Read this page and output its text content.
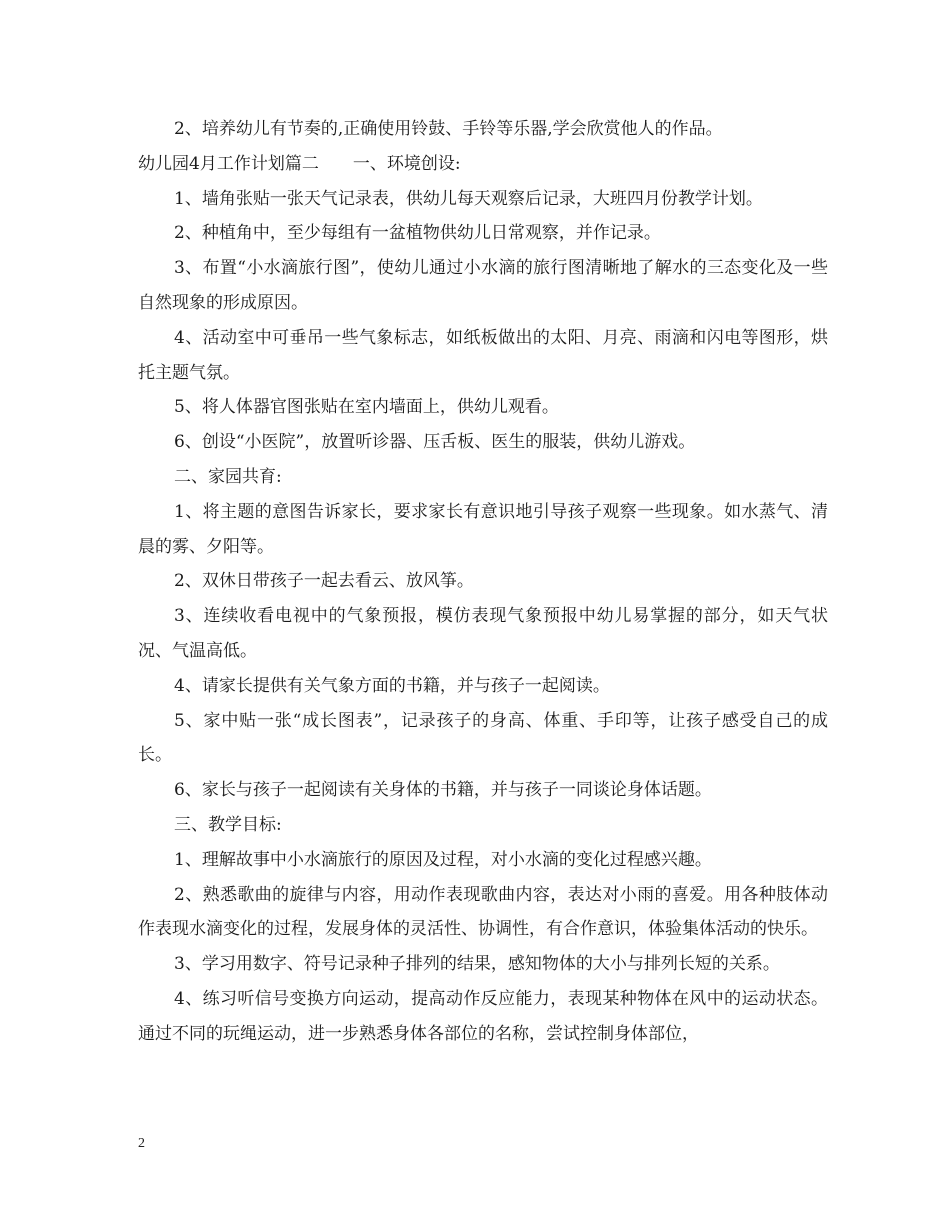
2、培养幼儿有节奏的,正确使用铃鼓、手铃等乐器,学会欣赏他人的作品。

幼儿园4月工作计划篇二　　一、环境创设:

1、墙角张贴一张天气记录表，供幼儿每天观察后记录，大班四月份教学计划。

2、种植角中，至少每组有一盆植物供幼儿日常观察，并作记录。

3、布置“小水滴旅行图”，使幼儿通过小水滴的旅行图清晰地了解水的三态变化及一些自然现象的形成原因。

4、活动室中可垂吊一些气象标志，如纸板做出的太阳、月亮、雨滴和闪电等图形，烘托主题气氛。

5、将人体器官图张贴在室内墙面上，供幼儿观看。

6、创设“小医院”，放置听诊器、压舌板、医生的服装，供幼儿游戏。

二、家园共育:

1、将主题的意图告诉家长，要求家长有意识地引导孩子观察一些现象。如水蒸气、清晨的雾、夕阳等。

2、双休日带孩子一起去看云、放风筝。

3、连续收看电视中的气象预报，模仿表现气象预报中幼儿易掌握的部分，如天气状况、气温高低。

4、请家长提供有关气象方面的书籍，并与孩子一起阅读。

5、家中贴一张“成长图表”，记录孩子的身高、体重、手印等，让孩子感受自己的成长。

6、家长与孩子一起阅读有关身体的书籍，并与孩子一同谈论身体话题。

三、教学目标:

1、理解故事中小水滴旅行的原因及过程，对小水滴的变化过程感兴趣。

2、熟悉歌曲的旋律与内容，用动作表现歌曲内容，表达对小雨的喜爱。用各种肢体动作表现水滴变化的过程，发展身体的灵活性、协调性，有合作意识，体验集体活动的快乐。

3、学习用数字、符号记录种子排列的结果，感知物体的大小与排列长短的关系。

4、练习听信号变换方向运动，提高动作反应能力，表现某种物体在风中的运动状态。通过不同的玩绳运动，进一步熟悉身体各部位的名称，尝试控制身体部位，

2
